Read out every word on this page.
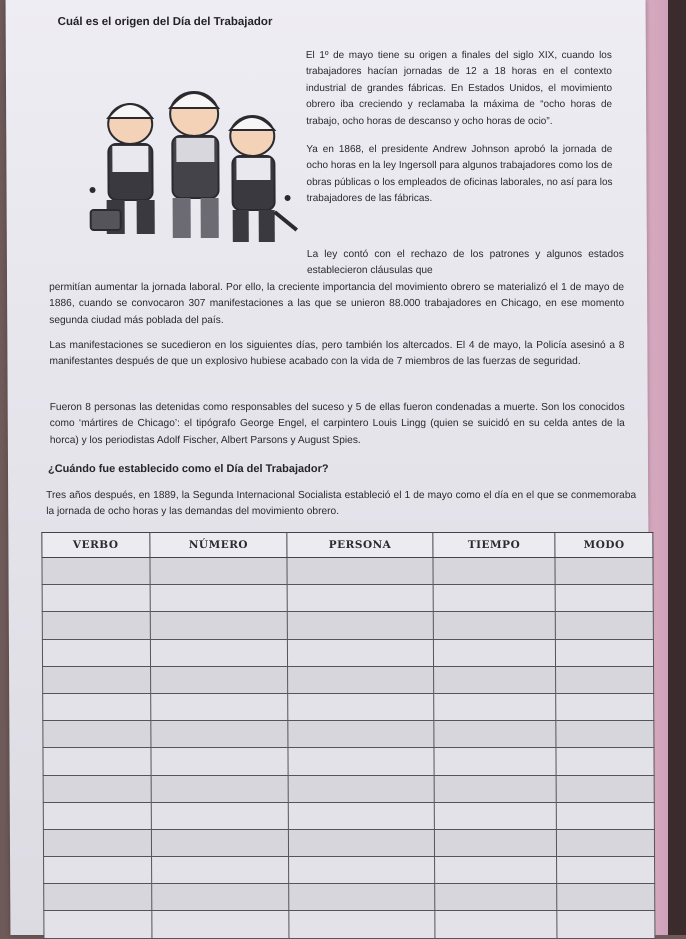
Cuál es el origen del Día del Trabajador

El 1º de mayo tiene su origen a finales del siglo XIX, cuando los trabajadores hacían jornadas de 12 a 18 horas en el contexto industrial de grandes fábricas. En Estados Unidos, el movimiento obrero iba creciendo y reclamaba la máxima de “ocho horas de trabajo, ocho horas de descanso y ocho horas de ocio”.

Ya en 1868, el presidente Andrew Johnson aprobó la jornada de ocho horas en la ley Ingersoll para algunos trabajadores como los de obras públicas o los empleados de oficinas laborales, no así para los trabajadores de las fábricas.

La ley contó con el rechazo de los patrones y algunos estados establecieron cláusulas que
permitían aumentar la jornada laboral. Por ello, la creciente importancia del movimiento obrero se materializó el 1 de mayo de 1886, cuando se convocaron 307 manifestaciones a las que se unieron 88.000 trabajadores en Chicago, en ese momento segunda ciudad más poblada del país.
Las manifestaciones se sucedieron en los siguientes días, pero también los altercados. El 4 de mayo, la Policía asesinó a 8 manifestantes después de que un explosivo hubiese acabado con la vida de 7 miembros de las fuerzas de seguridad.
Fueron 8 personas las detenidas como responsables del suceso y 5 de ellas fueron condenadas a muerte. Son los conocidos como ‘mártires de Chicago’: el tipógrafo George Engel, el carpintero Louis Lingg (quien se suicidó en su celda antes de la horca) y los periodistas Adolf Fischer, Albert Parsons y August Spies.
¿Cuándo fue establecido como el Día del Trabajador?
Tres años después, en 1889, la Segunda Internacional Socialista estableció el 1 de mayo como el día en el que se conmemoraba la jornada de ocho horas y las demandas del movimiento obrero.
VERBO	NÚMERO	PERSONA	TIEMPO	MODO
